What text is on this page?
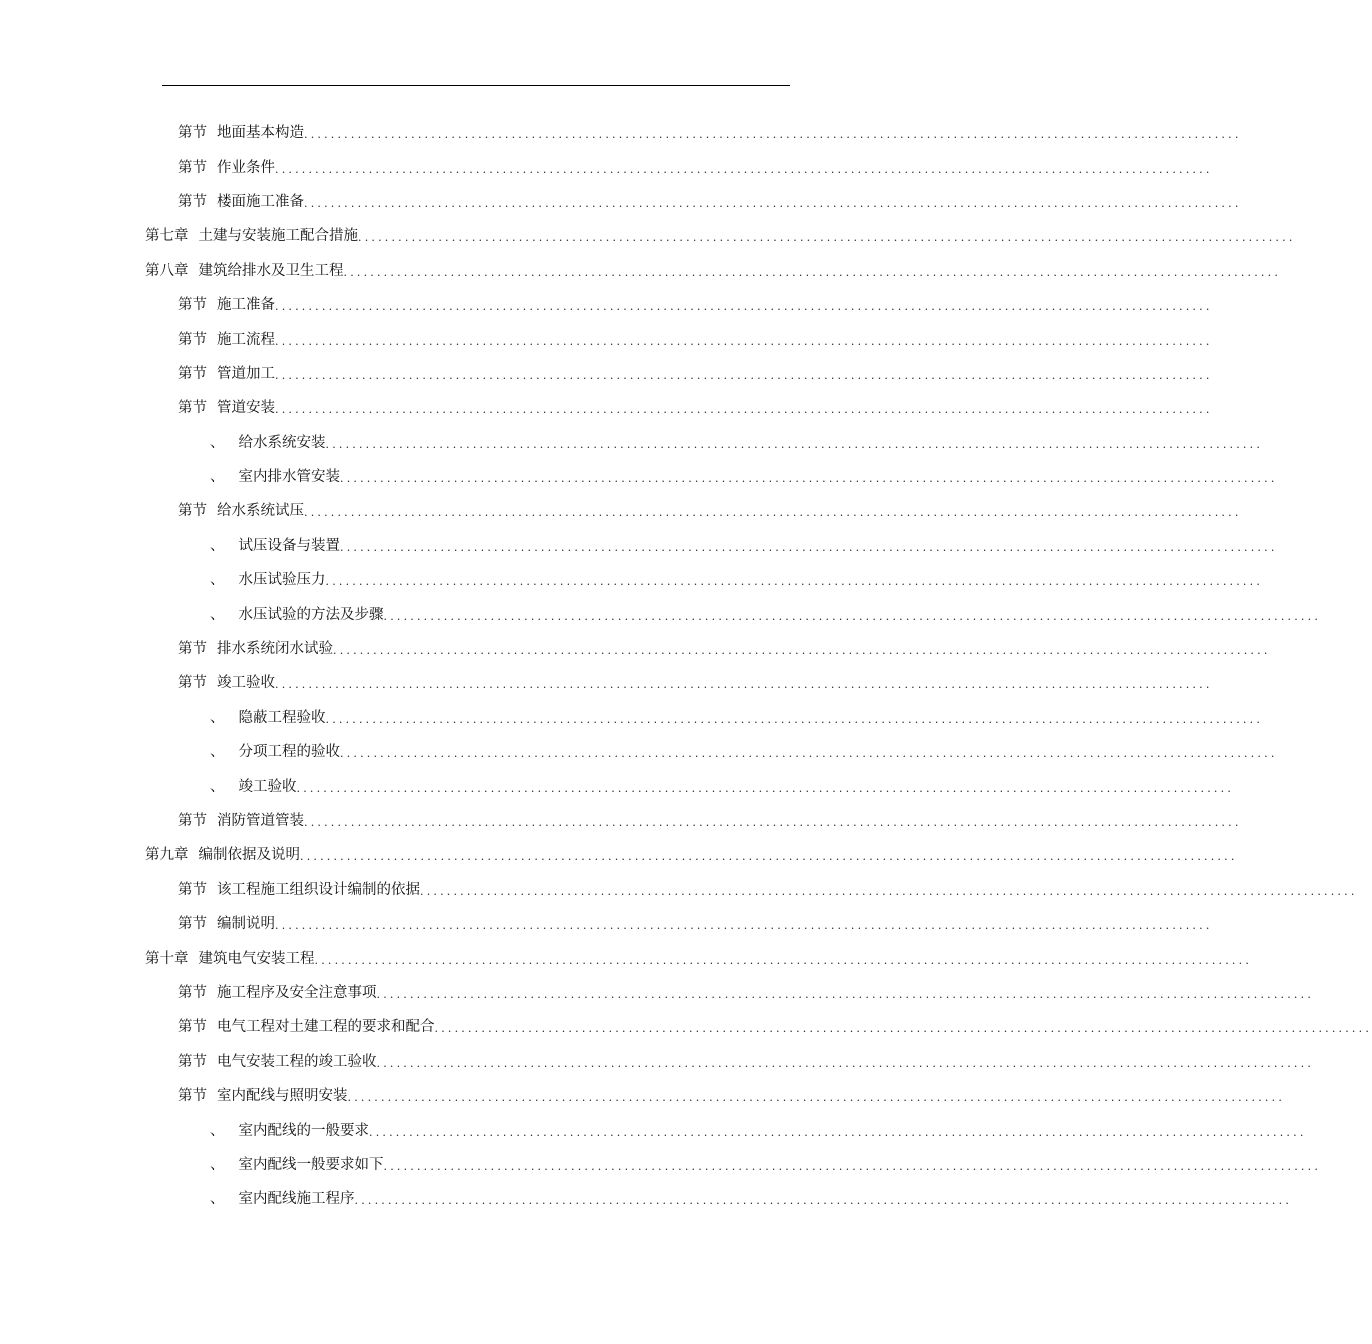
第节 地面基本构造 ............................................................................................................................................
第节 作业条件 ............................................................................................................................................
第节 楼面施工准备 ............................................................................................................................................
第七章 土建与安装施工配合措施 ............................................................................................................................................
第八章 建筑给排水及卫生工程 ............................................................................................................................................
第节 施工准备 ............................................................................................................................................
第节 施工流程 ............................................................................................................................................
第节 管道加工 ............................................................................................................................................
第节 管道安装 ............................................................................................................................................
、 给水系统安装 ............................................................................................................................................
、 室内排水管安装 ............................................................................................................................................
第节 给水系统试压 ............................................................................................................................................
、 试压设备与装置 ............................................................................................................................................
、 水压试验压力 ............................................................................................................................................
、 水压试验的方法及步骤 ............................................................................................................................................
第节 排水系统闭水试验 ............................................................................................................................................
第节 竣工验收 ............................................................................................................................................
、 隐蔽工程验收 ............................................................................................................................................
、 分项工程的验收 ............................................................................................................................................
、 竣工验收 ............................................................................................................................................
第节 消防管道管装 ............................................................................................................................................
第九章 编制依据及说明 ............................................................................................................................................
第节 该工程施工组织设计编制的依据 ............................................................................................................................................
第节 编制说明 ............................................................................................................................................
第十章 建筑电气安装工程 ............................................................................................................................................
第节 施工程序及安全注意事项 ............................................................................................................................................
第节 电气工程对土建工程的要求和配合 ............................................................................................................................................
第节 电气安装工程的竣工验收 ............................................................................................................................................
第节 室内配线与照明安装 ............................................................................................................................................
、 室内配线的一般要求 ............................................................................................................................................
、 室内配线一般要求如下 ............................................................................................................................................
、 室内配线施工程序 ............................................................................................................................................
